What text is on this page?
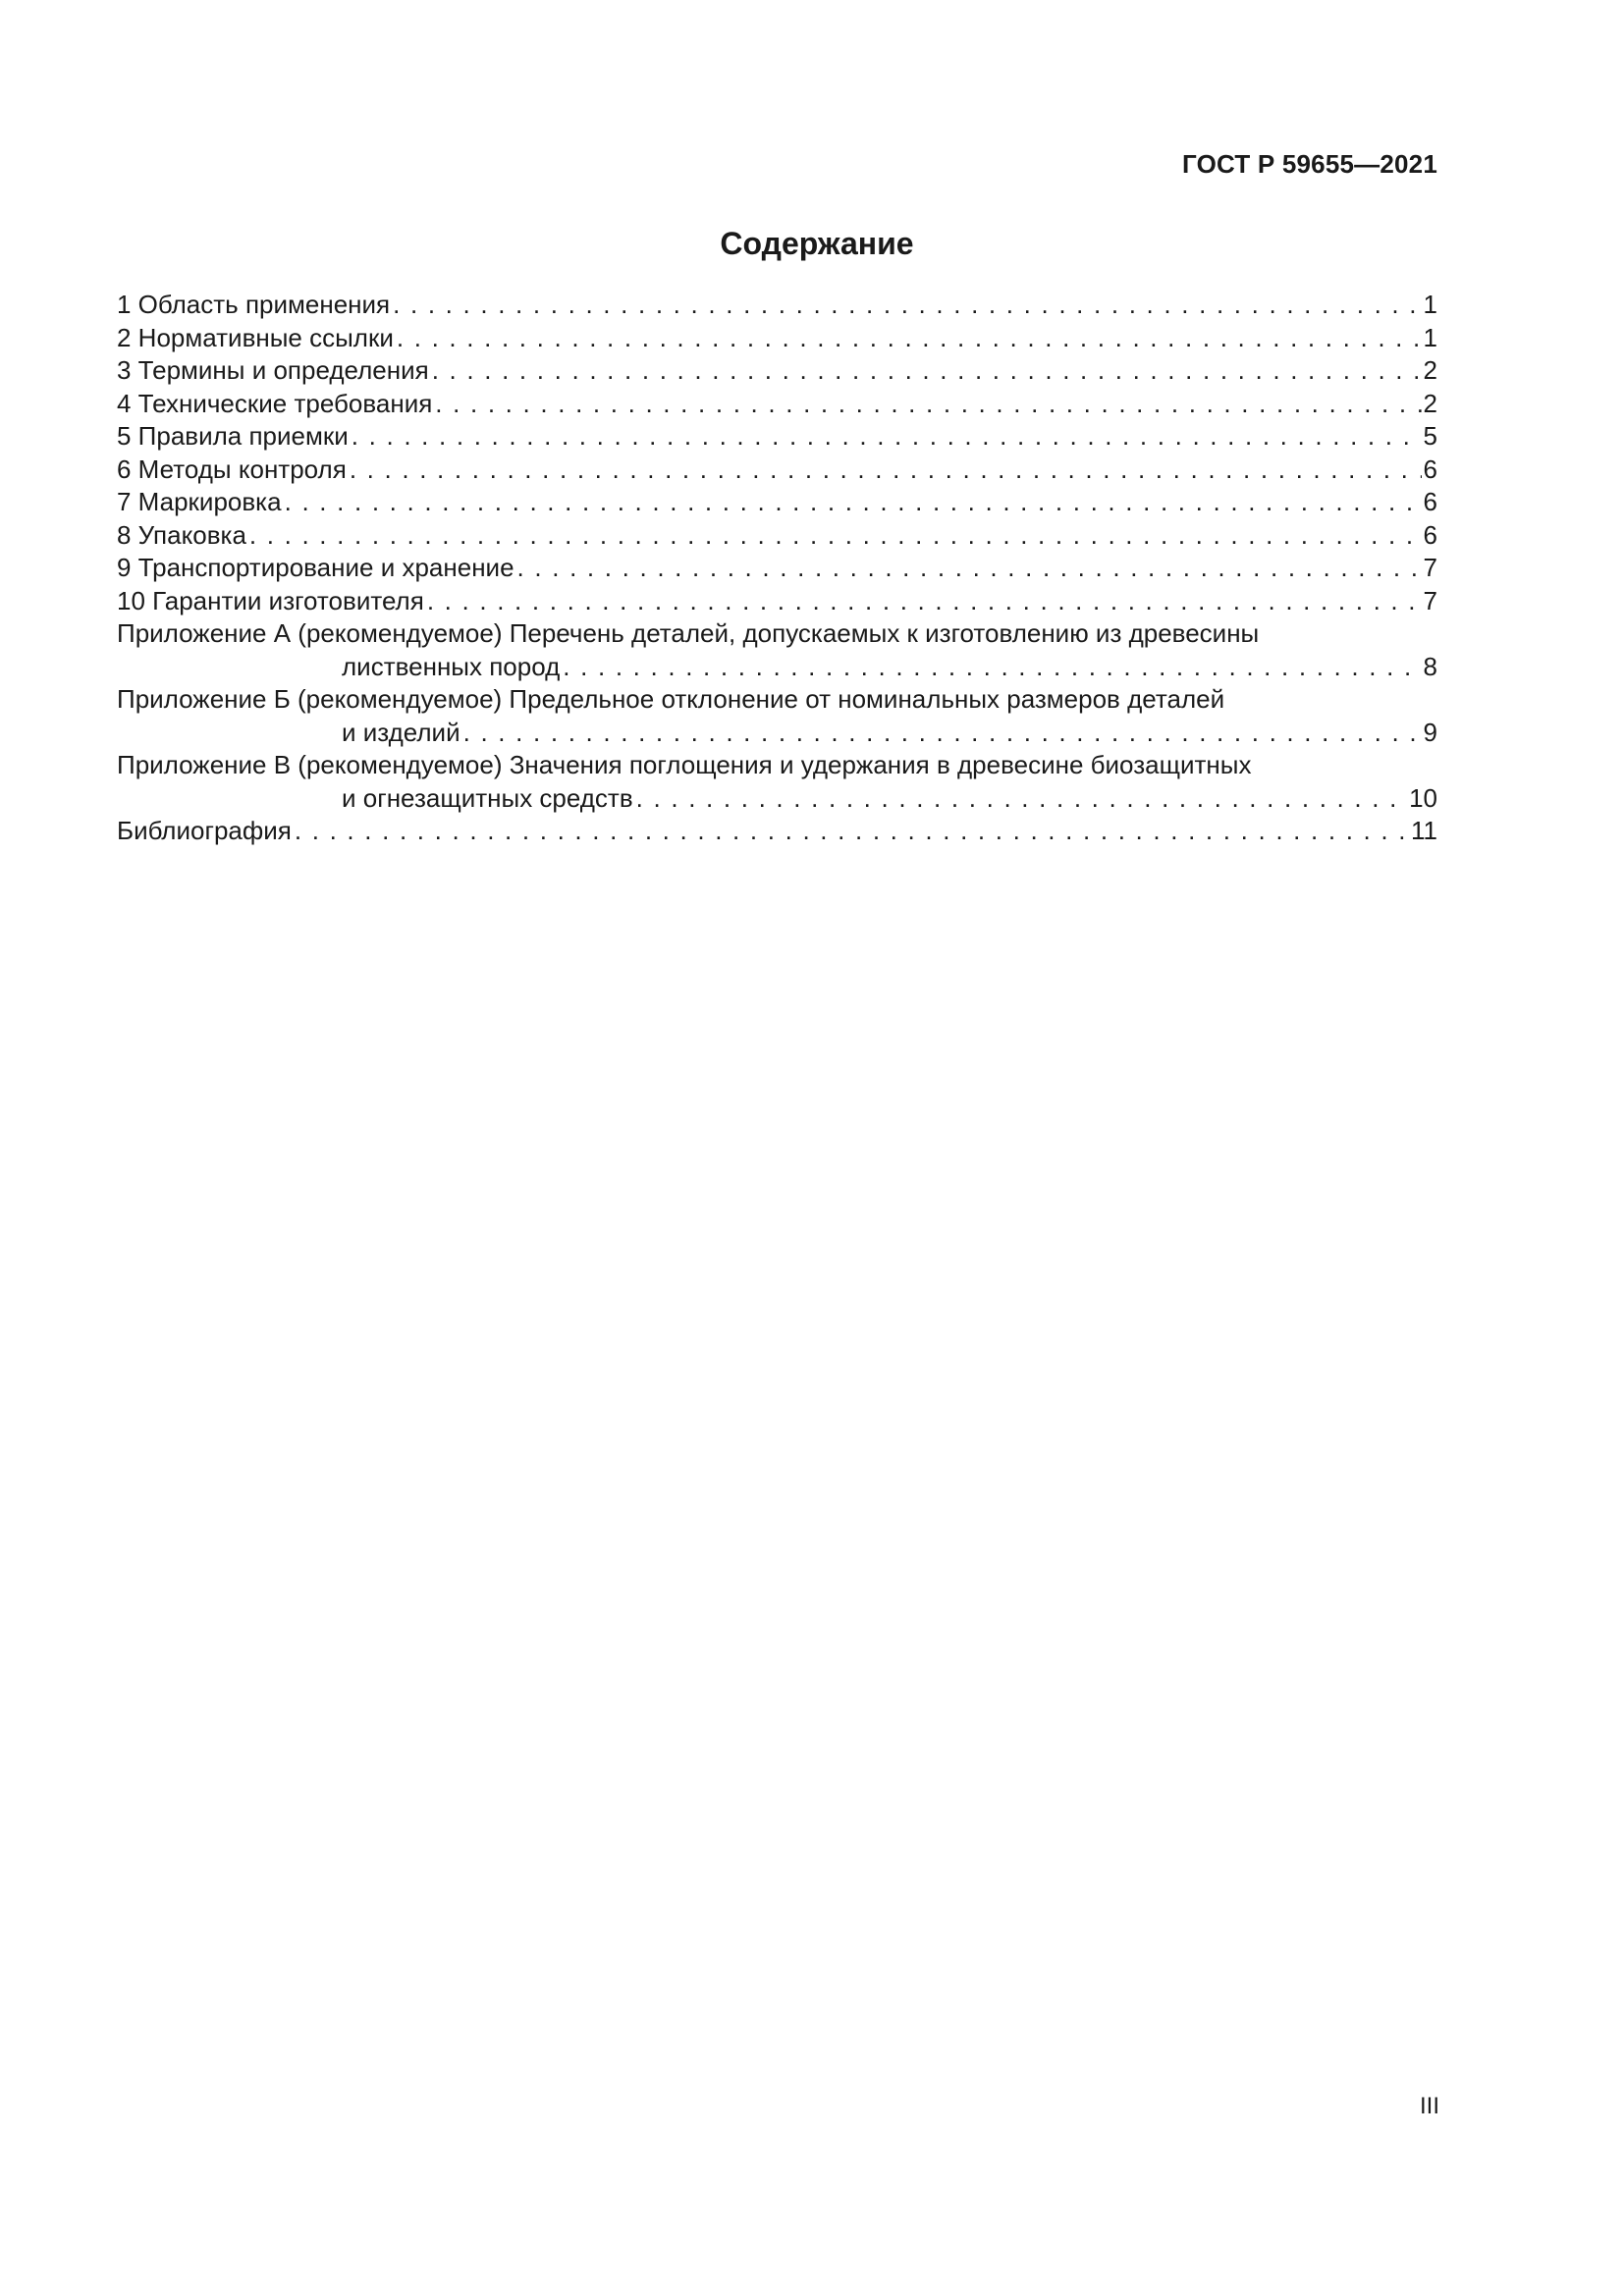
ГОСТ Р 59655—2021
Содержание
1 Область применения . . .	1
2 Нормативные ссылки . . .	1
3 Термины и определения . . .	2
4 Технические требования . . .	2
5 Правила приемки . . .	5
6 Методы контроля . . .	6
7 Маркировка . . .	6
8 Упаковка . . .	6
9 Транспортирование и хранение . . .	7
10 Гарантии изготовителя . . .	7
Приложение А (рекомендуемое) Перечень деталей, допускаемых к изготовлению из древесины
лиственных пород . . .	8
Приложение Б (рекомендуемое) Предельное отклонение от номинальных размеров деталей
и изделий . . .	9
Приложение В (рекомендуемое) Значения поглощения и удержания в древесине биозащитных
и огнезащитных средств . . .	10
Библиография . . .	11
III
